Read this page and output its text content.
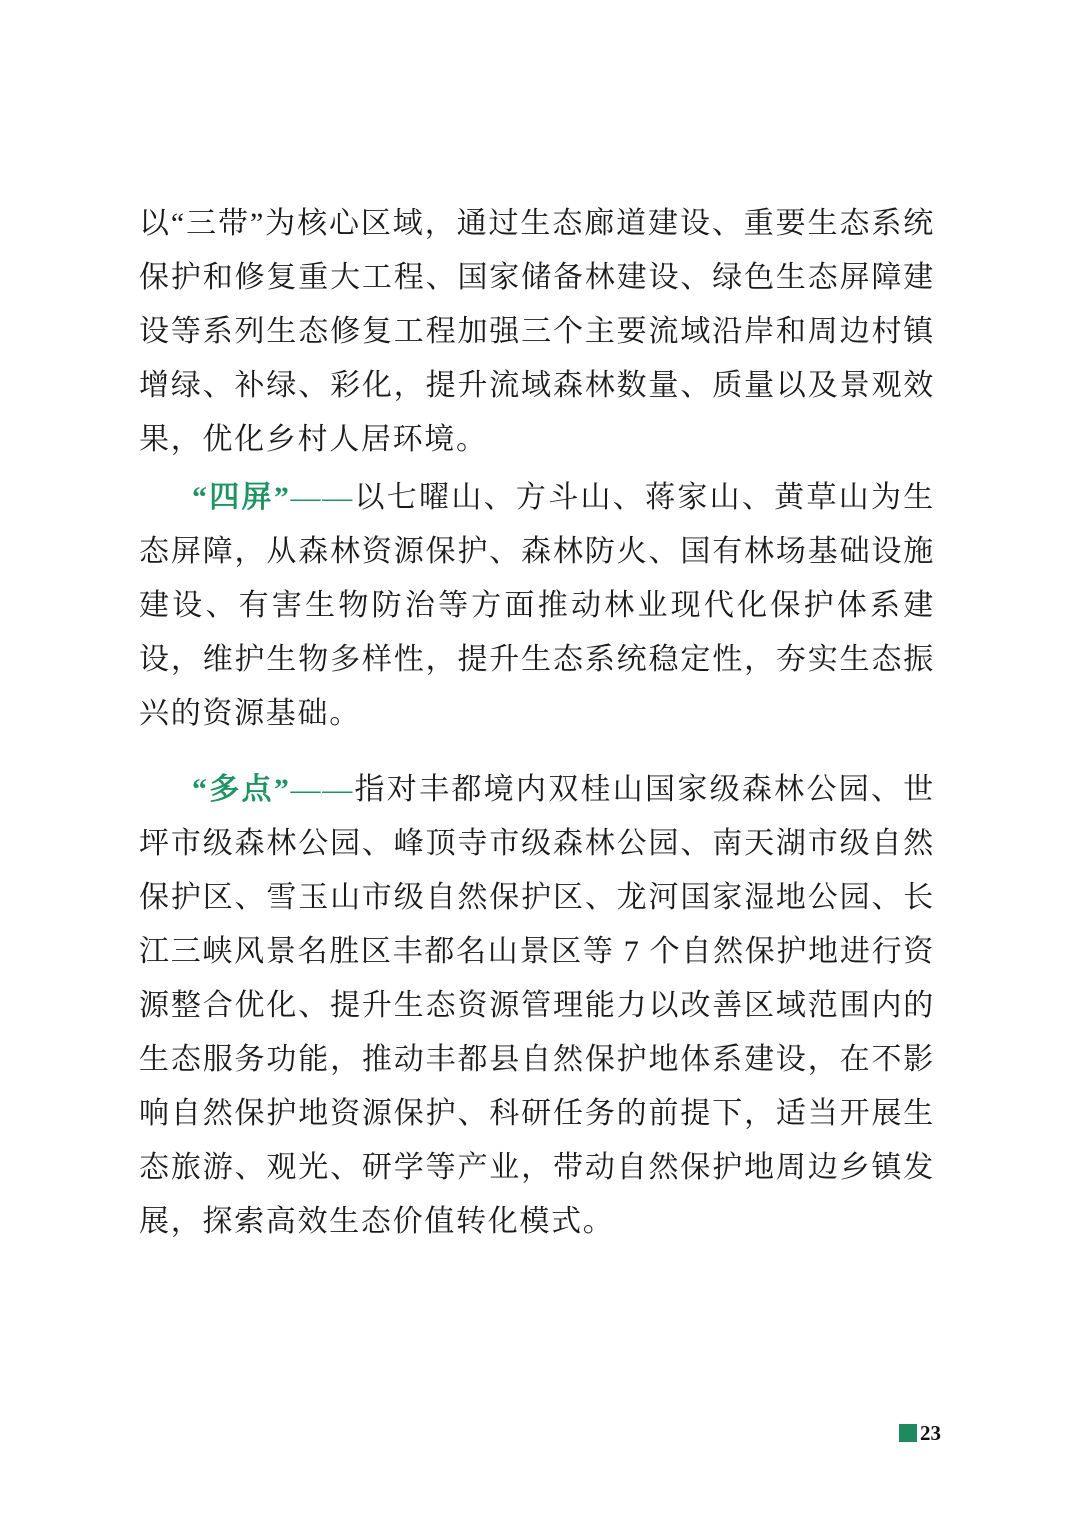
以“三带”为核心区域，通过生态廊道建设、重要生态系统保护和修复重大工程、国家储备林建设、绿色生态屏障建设等系列生态修复工程加强三个主要流域沿岸和周边村镇增绿、补绿、彩化，提升流域森林数量、质量以及景观效果，优化乡村人居环境。

“四屏”——以七曜山、方斗山、蒋家山、黄草山为生态屏障，从森林资源保护、森林防火、国有林场基础设施建设、有害生物防治等方面推动林业现代化保护体系建设，维护生物多样性，提升生态系统稳定性，夯实生态振兴的资源基础。

“多点”——指对丰都境内双桂山国家级森林公园、世坪市级森林公园、峰顶寺市级森林公园、南天湖市级自然保护区、雪玉山市级自然保护区、龙河国家湿地公园、长江三峡风景名胜区丰都名山景区等 7 个自然保护地进行资源整合优化、提升生态资源管理能力以改善区域范围内的生态服务功能，推动丰都县自然保护地体系建设，在不影响自然保护地资源保护、科研任务的前提下，适当开展生态旅游、观光、研学等产业，带动自然保护地周边乡镇发展，探索高效生态价值转化模式。

23
